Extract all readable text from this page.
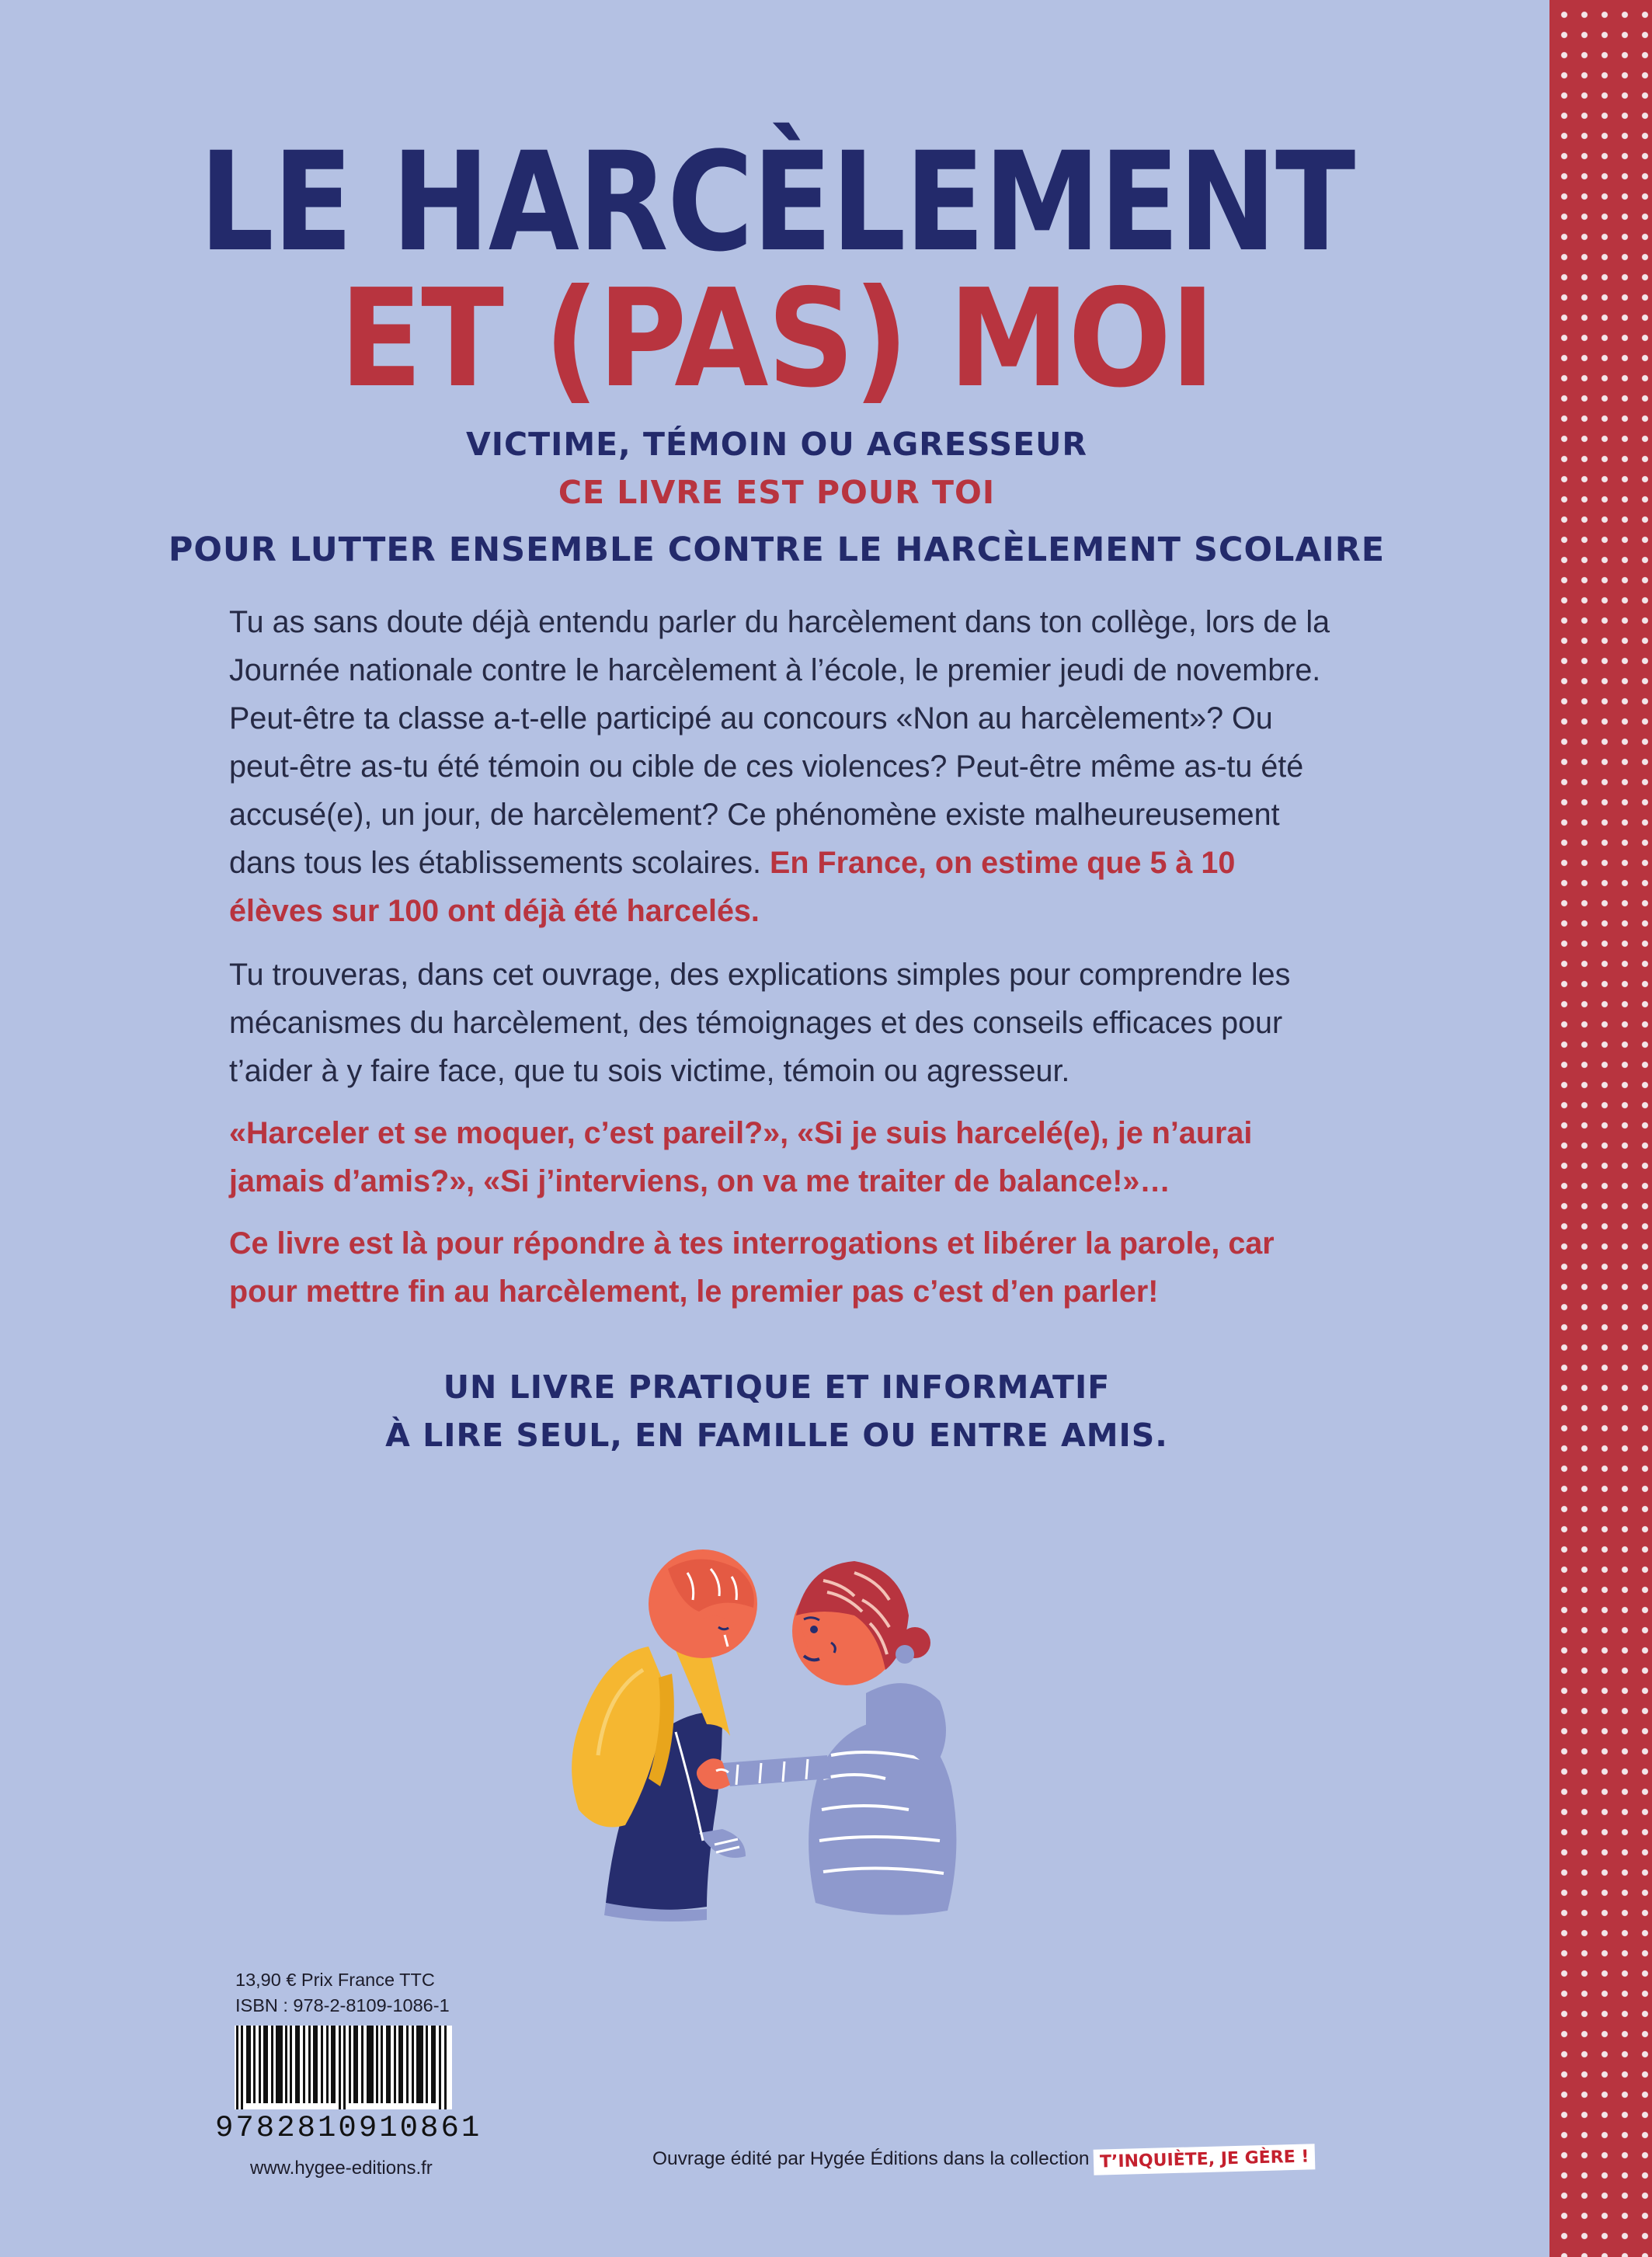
LE HARCÈLEMENT
ET (PAS) MOI

VICTIME, TÉMOIN OU AGRESSEUR

CE LIVRE EST POUR TOI

POUR LUTTER ENSEMBLE CONTRE LE HARCÈLEMENT SCOLAIRE

Tu as sans doute déjà entendu parler du harcèlement dans ton collège, lors de la Journée nationale contre le harcèlement à l’école, le premier jeudi de novembre. Peut-être ta classe a-t-elle participé au concours «Non au harcèlement»? Ou peut-être as-tu été témoin ou cible de ces violences? Peut-être même as-tu été accusé(e), un jour, de harcèlement? Ce phénomène existe malheureusement dans tous les établissements scolaires. En France, on estime que 5 à 10 élèves sur 100 ont déjà été harcelés.

Tu trouveras, dans cet ouvrage, des explications simples pour comprendre les mécanismes du harcèlement, des témoignages et des conseils efficaces pour t’aider à y faire face, que tu sois victime, témoin ou agresseur.

«Harceler et se moquer, c’est pareil?», «Si je suis harcelé(e), je n’aurai jamais d’amis?», «Si j’interviens, on va me traiter de balance!»…

Ce livre est là pour répondre à tes interrogations et libérer la parole, car pour mettre fin au harcèlement, le premier pas c’est d’en parler!

UN LIVRE PRATIQUE ET INFORMATIF

À LIRE SEUL, EN FAMILLE OU ENTRE AMIS.

13,90 € Prix France TTC
ISBN : 978-2-8109-1086-1

9782810910861

www.hygee-editions.fr	Ouvrage édité par Hygée Éditions dans la collection T’INQUIÈTE, JE GÈRE !
